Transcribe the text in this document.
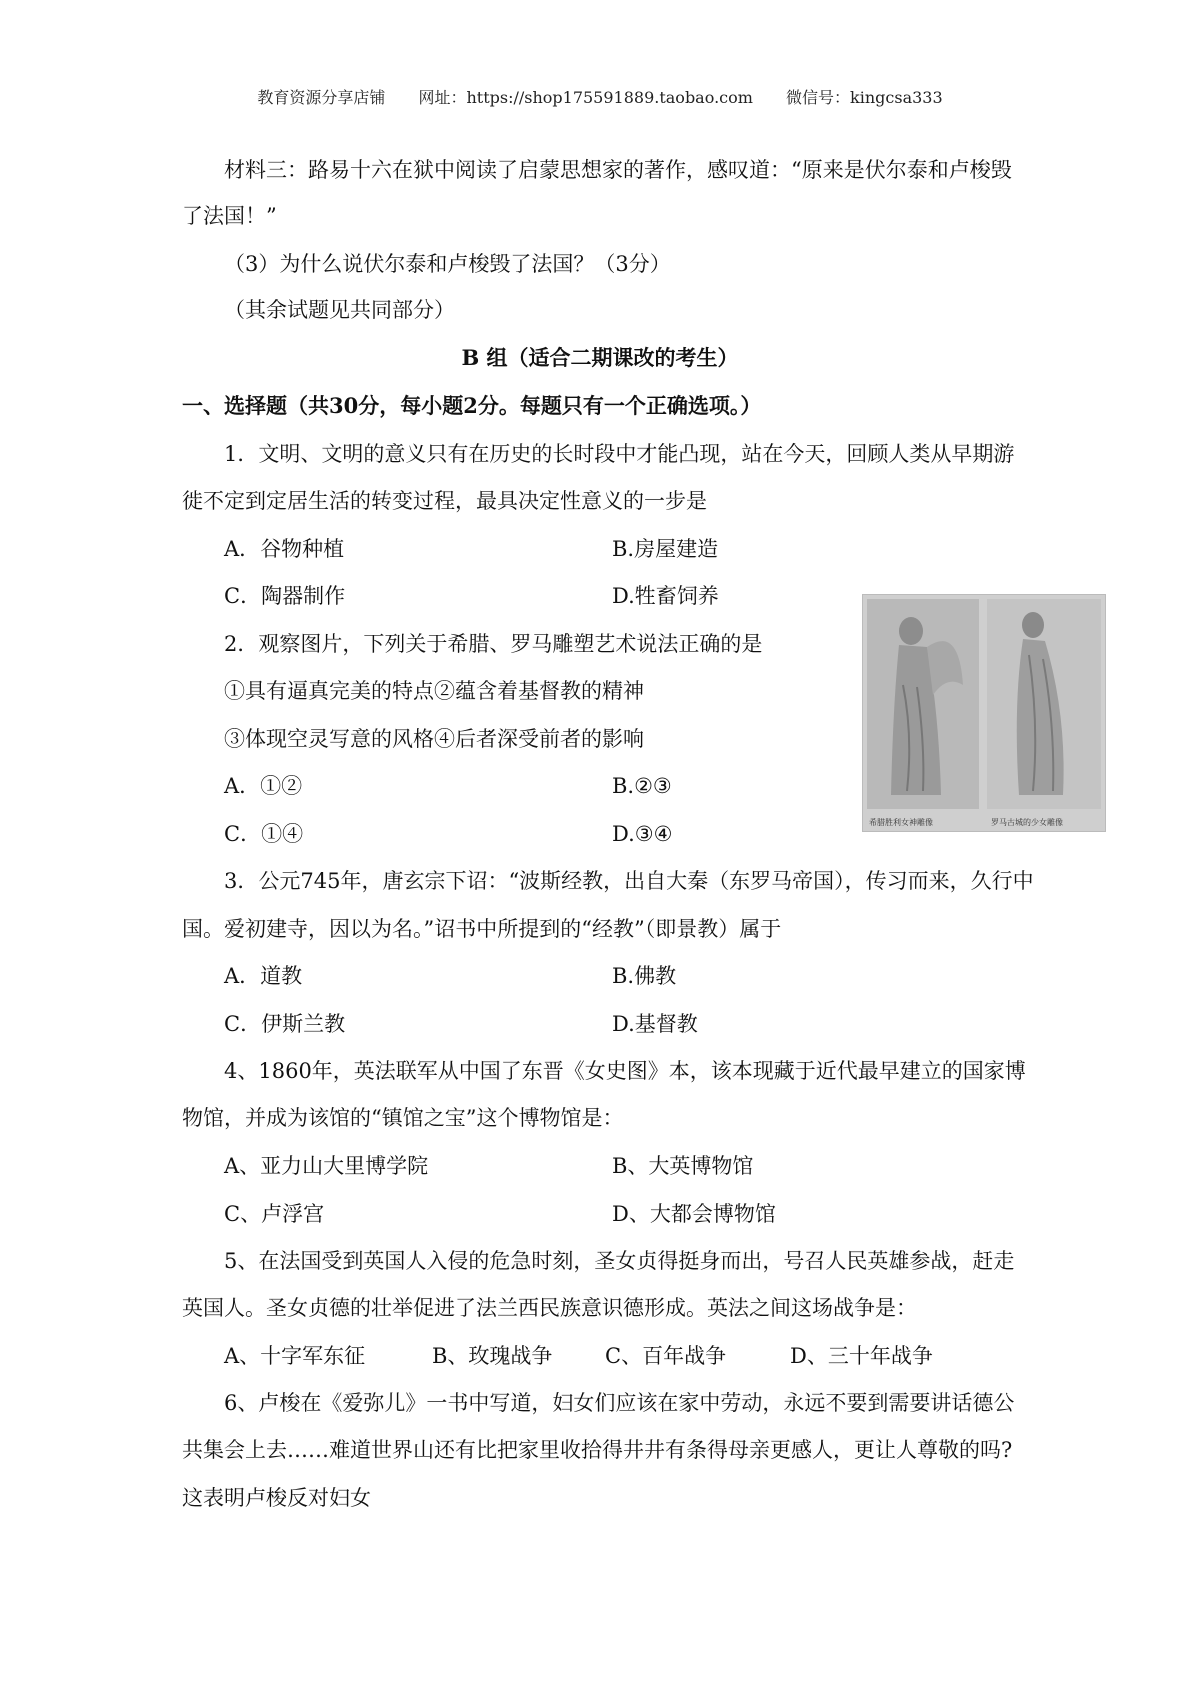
教育资源分享店铺 网址：https://shop175591889.taobao.com 微信号：kingcsa333
材料三：路易十六在狱中阅读了启蒙思想家的著作，感叹道：“原来是伏尔泰和卢梭毁
了法国！”
（3）为什么说伏尔泰和卢梭毁了法国？（3分）
（其余试题见共同部分）
B 组（适合二期课改的考生）
一、选择题（共30分，每小题2分。每题只有一个正确选项。）
1．文明、文明的意义只有在历史的长时段中才能凸现，站在今天，回顾人类从早期游
徙不定到定居生活的转变过程，最具决定性意义的一步是
A．谷物种植	B.房屋建造
C．陶器制作	D.牲畜饲养
2．观察图片，下列关于希腊、罗马雕塑艺术说法正确的是
①具有逼真完美的特点②蕴含着基督教的精神
③体现空灵写意的风格④后者深受前者的影响
A．①②	B.②③
C．①④	D.③④	希腊胜利女神雕像	罗马古城的少女雕像
3．公元745年，唐玄宗下诏：“波斯经教，出自大秦（东罗马帝国），传习而来，久行中
国。爱初建寺，因以为名。”诏书中所提到的“经教”（即景教）属于
A．道教	B.佛教
C．伊斯兰教	D.基督教
4、1860年，英法联军从中国了东晋《女史图》本，该本现藏于近代最早建立的国家博
物馆，并成为该馆的“镇馆之宝”这个博物馆是：
A、亚力山大里博学院	B、大英博物馆
C、卢浮宫	D、大都会博物馆
5、在法国受到英国人入侵的危急时刻，圣女贞得挺身而出，号召人民英雄参战，赶走
英国人。圣女贞德的壮举促进了法兰西民族意识德形成。英法之间这场战争是：
A、十字军东征	B、玫瑰战争	C、百年战争	D、三十年战争
6、卢梭在《爱弥儿》一书中写道，妇女们应该在家中劳动，永远不要到需要讲话德公
共集会上去……难道世界山还有比把家里收拾得井井有条得母亲更感人，更让人尊敬的吗?
这表明卢梭反对妇女
